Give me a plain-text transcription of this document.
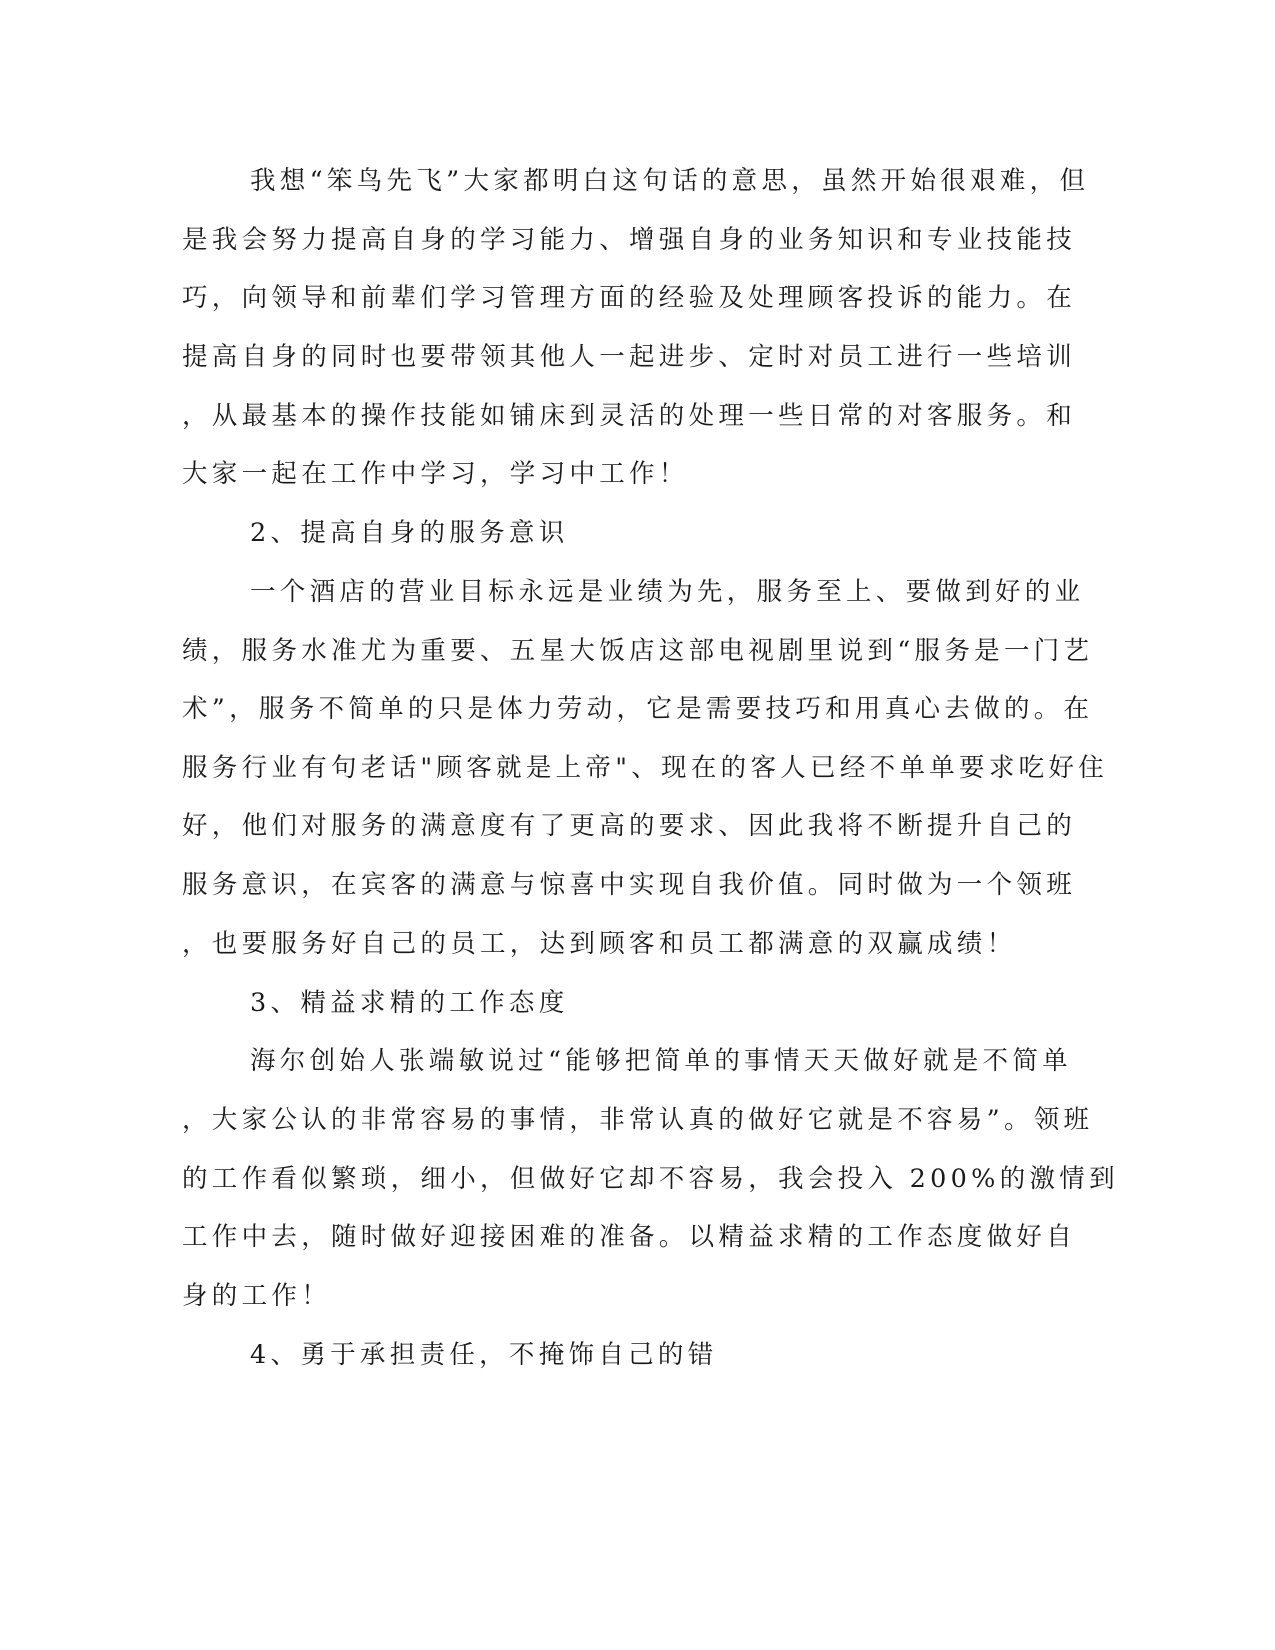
我想“笨鸟先飞”大家都明白这句话的意思，虽然开始很艰难，但
是我会努力提高自身的学习能力、增强自身的业务知识和专业技能技
巧，向领导和前辈们学习管理方面的经验及处理顾客投诉的能力。在
提高自身的同时也要带领其他人一起进步、定时对员工进行一些培训
，从最基本的操作技能如铺床到灵活的处理一些日常的对客服务。和
大家一起在工作中学习，学习中工作！
2、提高自身的服务意识
一个酒店的营业目标永远是业绩为先，服务至上、要做到好的业
绩，服务水准尤为重要、五星大饭店这部电视剧里说到“服务是一门艺
术”，服务不简单的只是体力劳动，它是需要技巧和用真心去做的。在
服务行业有句老话"顾客就是上帝"、现在的客人已经不单单要求吃好住
好，他们对服务的满意度有了更高的要求、因此我将不断提升自己的
服务意识，在宾客的满意与惊喜中实现自我价值。同时做为一个领班
，也要服务好自己的员工，达到顾客和员工都满意的双赢成绩！
3、精益求精的工作态度
海尔创始人张端敏说过“能够把简单的事情天天做好就是不简单
，大家公认的非常容易的事情，非常认真的做好它就是不容易”。领班
的工作看似繁琐，细小，但做好它却不容易，我会投入 200%的激情到
工作中去，随时做好迎接困难的准备。以精益求精的工作态度做好自
身的工作！
4、勇于承担责任，不掩饰自己的错
